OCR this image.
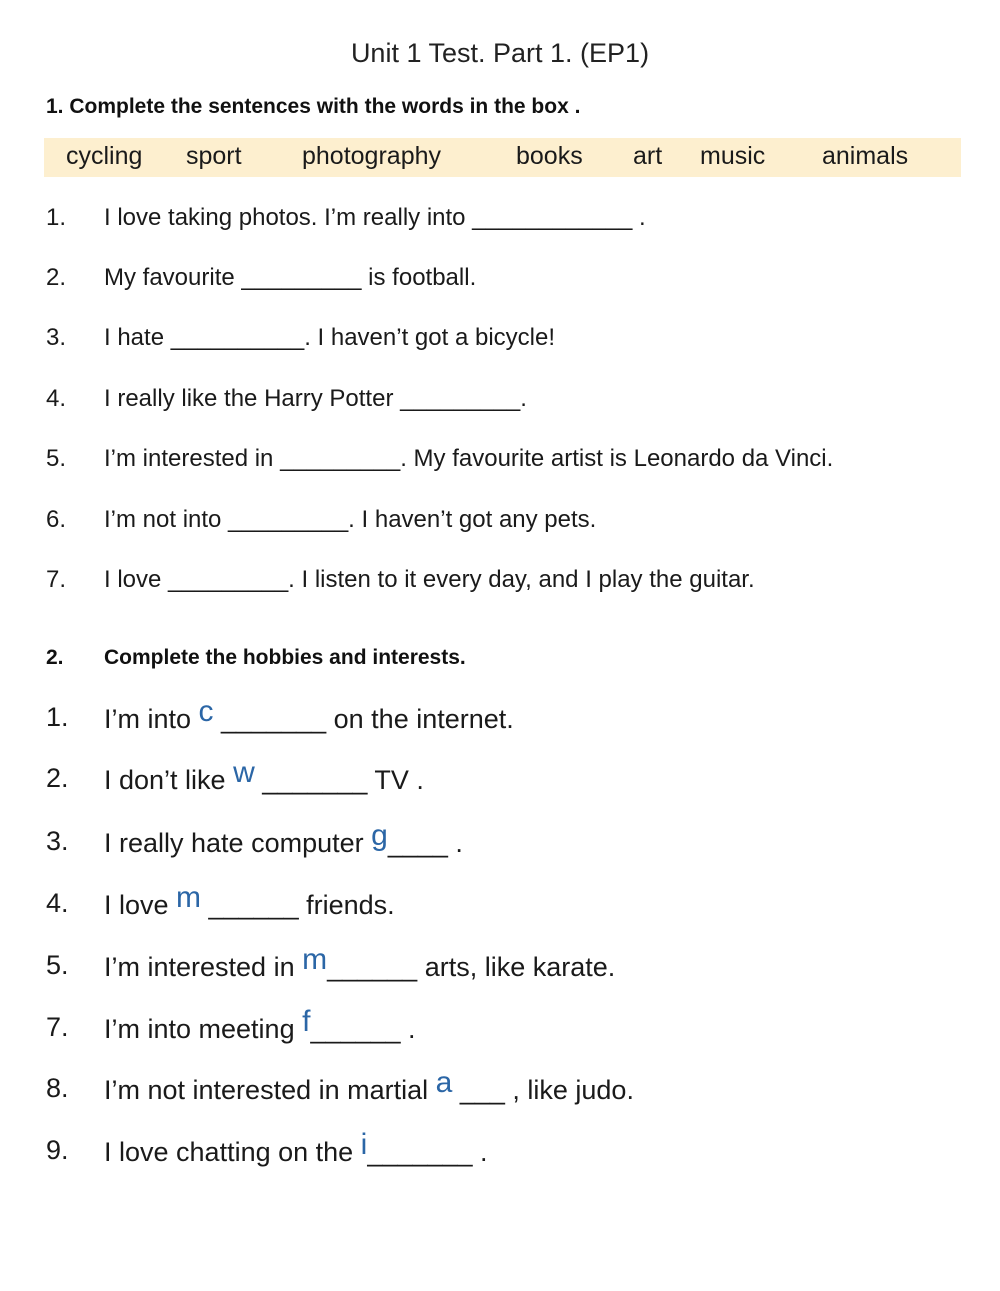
Unit 1 Test. Part 1. (EP1)
1. Complete the sentences with the words in the box .
cycling sport photography	books art music animals
1. I love taking photos. I’m really into ____________ .
2. My favourite _________ is football.
3. I hate __________. I haven’t got a bicycle!
4. I really like the Harry Potter _________.
5. I’m interested in _________. My favourite artist is Leonardo da Vinci.
6. I’m not into _________. I haven’t got any pets.
7. I love _________. I listen to it every day, and I play the guitar.
2. Complete the hobbies and interests.
1. I’m into c _______ on the internet.
2. I don’t like w _______ TV .
3. I really hate computer g____ .
4. I love m ______ friends.
5. I’m interested in m______ arts, like karate.
7. I’m into meeting f______ .
8. I’m not interested in martial a ___ , like judo.
9. I love chatting on the i_______ .
